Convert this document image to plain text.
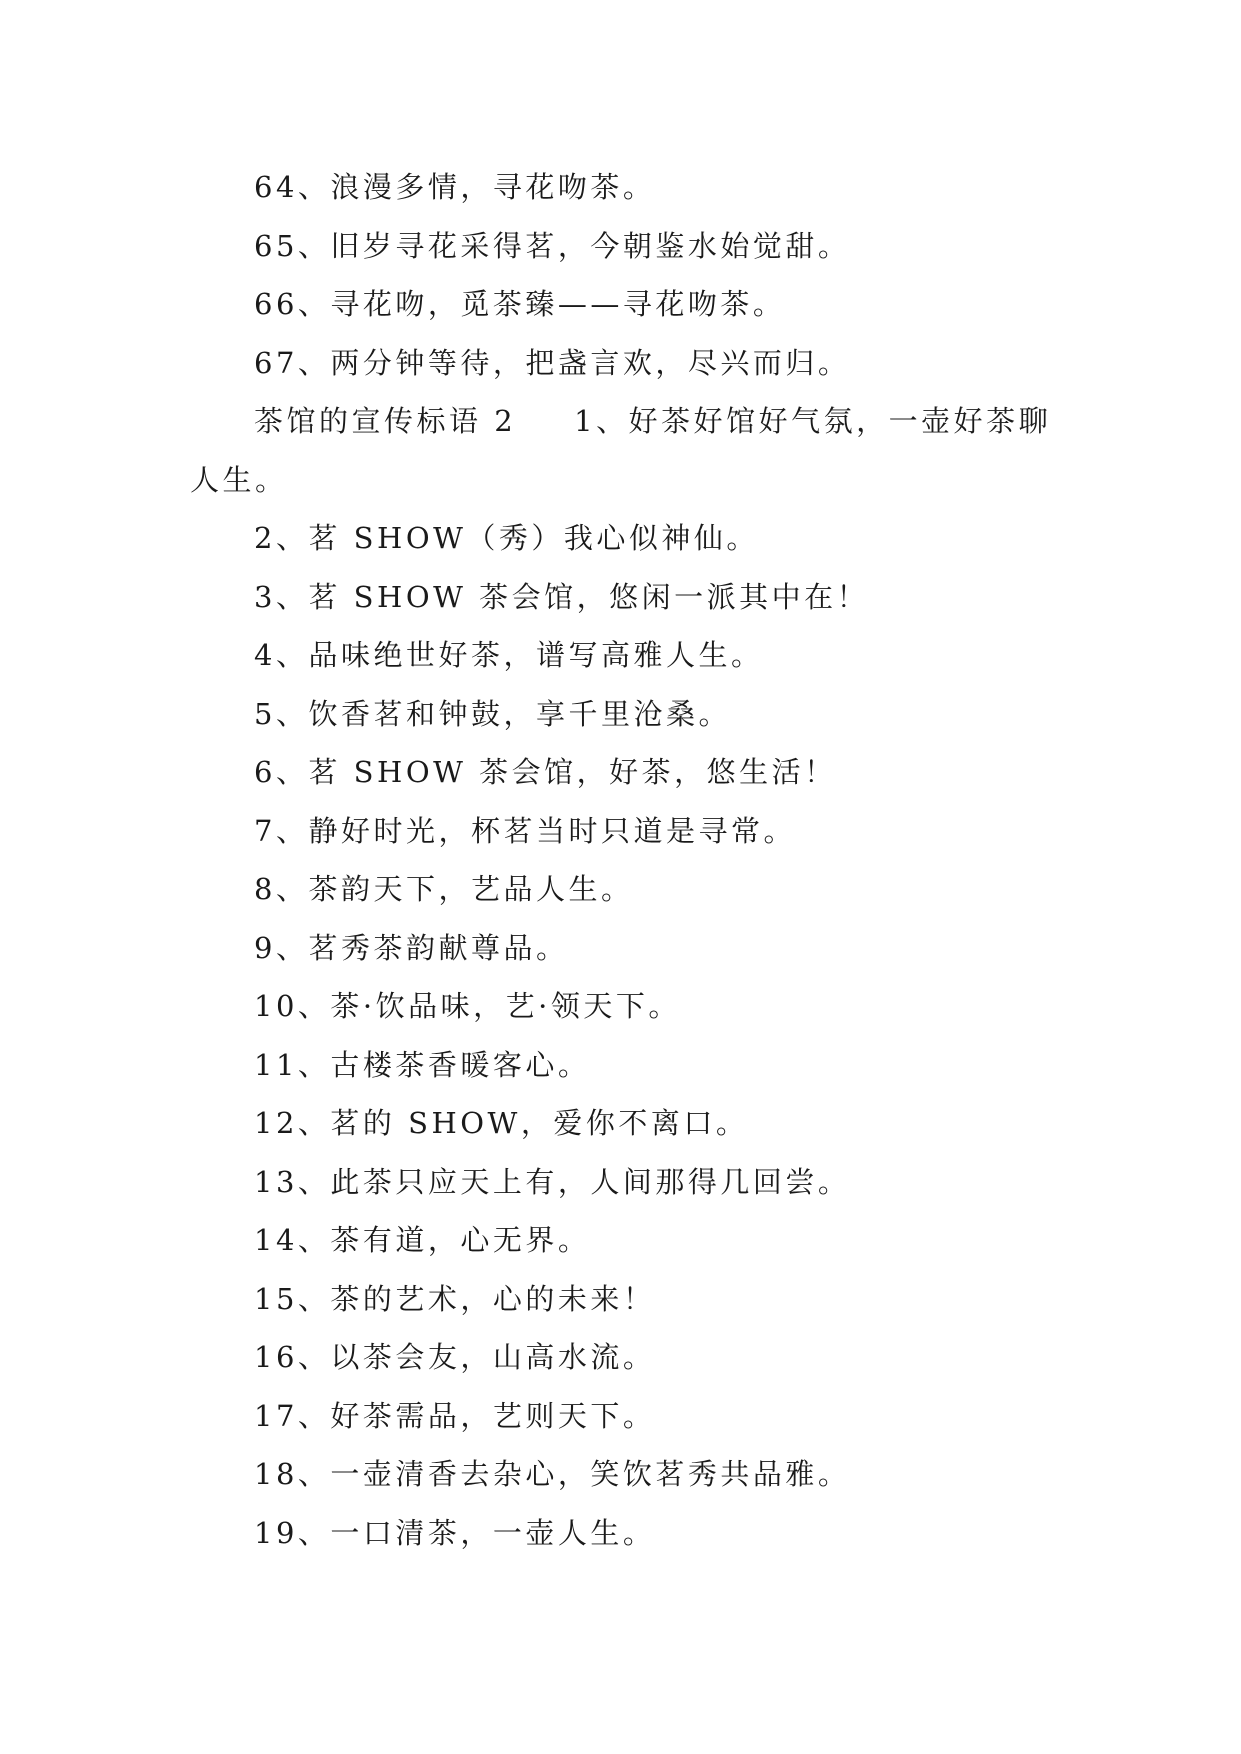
64、浪漫多情，寻花吻茶。
65、旧岁寻花采得茗，今朝鉴水始觉甜。
66、寻花吻，觅茶臻——寻花吻茶。
67、两分钟等待，把盏言欢，尽兴而归。
茶馆的宣传标语 2 1、好茶好馆好气氛，一壶好茶聊人生。
2、茗 SHOW（秀）我心似神仙。
3、茗 SHOW 茶会馆，悠闲一派其中在！
4、品味绝世好茶，谱写高雅人生。
5、饮香茗和钟鼓，享千里沧桑。
6、茗 SHOW 茶会馆，好茶，悠生活！
7、静好时光，杯茗当时只道是寻常。
8、茶韵天下，艺品人生。
9、茗秀茶韵献尊品。
10、茶·饮品味，艺·领天下。
11、古楼茶香暖客心。
12、茗的 SHOW，爱你不离口。
13、此茶只应天上有，人间那得几回尝。
14、茶有道，心无界。
15、茶的艺术，心的未来！
16、以茶会友，山高水流。
17、好茶需品，艺则天下。
18、一壶清香去杂心，笑饮茗秀共品雅。
19、一口清茶，一壶人生。
